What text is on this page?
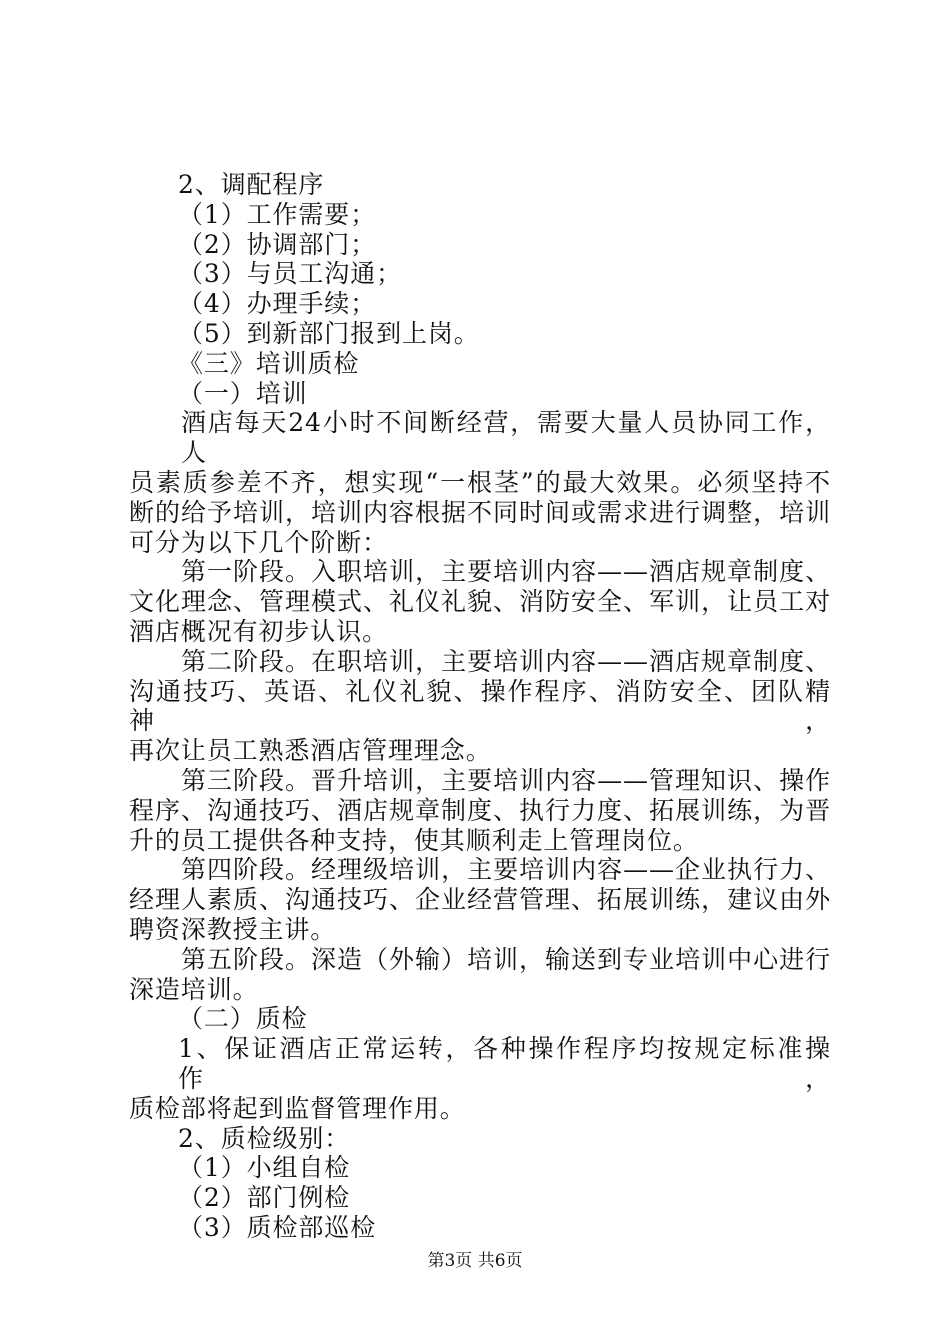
2、调配程序
（1）工作需要；
（2）协调部门；
（3）与员工沟通；
（4）办理手续；
（5）到新部门报到上岗。
《三》培训质检
（一）培训
酒店每天24小时不间断经营，需要大量人员协同工作，人
员素质参差不齐，想实现“一根茎”的最大效果。必须坚持不
断的给予培训，培训内容根据不同时间或需求进行调整，培训
可分为以下几个阶断：
第一阶段。入职培训，主要培训内容——酒店规章制度、
文化理念、管理模式、礼仪礼貌、消防安全、军训，让员工对
酒店概况有初步认识。
第二阶段。在职培训，主要培训内容——酒店规章制度、
沟通技巧、英语、礼仪礼貌、操作程序、消防安全、团队精神，
再次让员工熟悉酒店管理理念。
第三阶段。晋升培训，主要培训内容——管理知识、操作
程序、沟通技巧、酒店规章制度、执行力度、拓展训练，为晋
升的员工提供各种支持，使其顺利走上管理岗位。
第四阶段。经理级培训，主要培训内容——企业执行力、
经理人素质、沟通技巧、企业经营管理、拓展训练，建议由外
聘资深教授主讲。
第五阶段。深造（外输）培训，输送到专业培训中心进行
深造培训。
（二）质检
1、保证酒店正常运转，各种操作程序均按规定标准操作，
质检部将起到监督管理作用。
2、质检级别：
（1）小组自检
（2）部门例检
（3）质检部巡检
第3页 共6页
